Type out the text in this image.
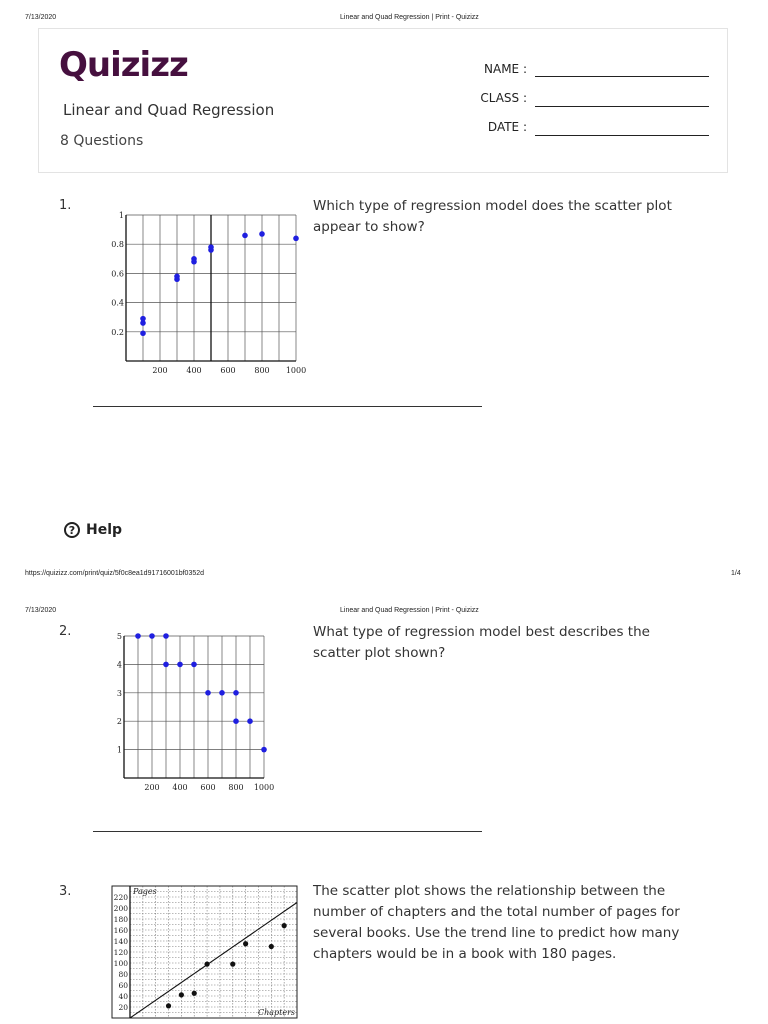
7/13/2020	Linear and Quad Regression | Print - Quizizz
Quizizz
Linear and Quad Regression
8 Questions
NAME :
CLASS :
DATE :
1.
200 400 600 800 1000
0.2
0.4
0.6
0.8
1
Which type of regression model does the scatter plot appear to show?
? Help
https://quizizz.com/print/quiz/5f0c8ea1d91716001bf0352d	1/4
7/13/2020	Linear and Quad Regression | Print - Quizizz
2.
200 400 600 800 1000
1
2
3
4
5	What type of regression model best describes the scatter plot shown?
3.	Pages
Chapters
20
40
60
80
100
120
140
160
180
200
220	The scatter plot shows the relationship between the number of chapters and the total number of pages for several books. Use the trend line to predict how many chapters would be in a book with 180 pages.
